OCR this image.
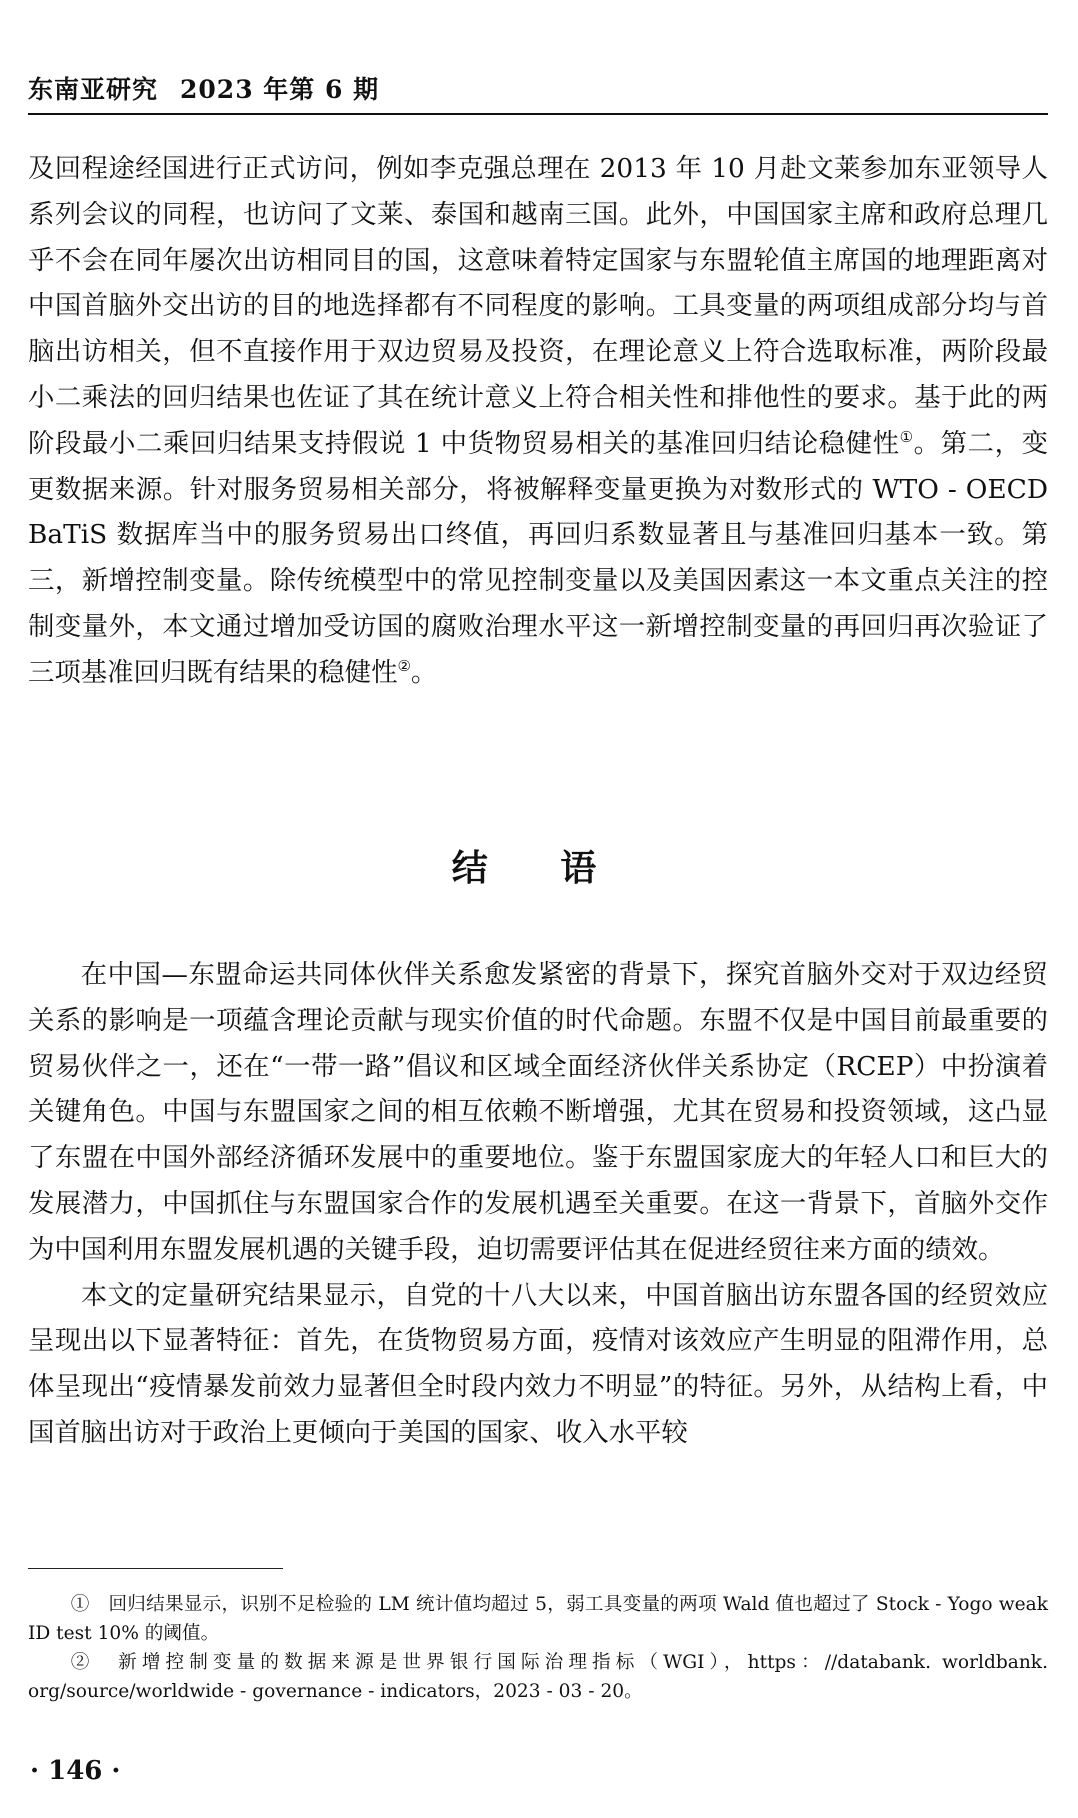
东南亚研究 2023 年第 6 期

及回程途经国进行正式访问，例如李克强总理在 2013 年 10 月赴文莱参加东亚领导人系列会议的同程，也访问了文莱、泰国和越南三国。此外，中国国家主席和政府总理几乎不会在同年屡次出访相同目的国，这意味着特定国家与东盟轮值主席国的地理距离对中国首脑外交出访的目的地选择都有不同程度的影响。工具变量的两项组成部分均与首脑出访相关，但不直接作用于双边贸易及投资，在理论意义上符合选取标准，两阶段最小二乘法的回归结果也佐证了其在统计意义上符合相关性和排他性的要求。基于此的两阶段最小二乘回归结果支持假说 1 中货物贸易相关的基准回归结论稳健性①。第二，变更数据来源。针对服务贸易相关部分，将被解释变量更换为对数形式的 WTO - OECD BaTiS 数据库当中的服务贸易出口终值，再回归系数显著且与基准回归基本一致。第三，新增控制变量。除传统模型中的常见控制变量以及美国因素这一本文重点关注的控制变量外，本文通过增加受访国的腐败治理水平这一新增控制变量的再回归再次验证了三项基准回归既有结果的稳健性②。

结 语

在中国—东盟命运共同体伙伴关系愈发紧密的背景下，探究首脑外交对于双边经贸关系的影响是一项蕴含理论贡献与现实价值的时代命题。东盟不仅是中国目前最重要的贸易伙伴之一，还在“一带一路”倡议和区域全面经济伙伴关系协定（RCEP）中扮演着关键角色。中国与东盟国家之间的相互依赖不断增强，尤其在贸易和投资领域，这凸显了东盟在中国外部经济循环发展中的重要地位。鉴于东盟国家庞大的年轻人口和巨大的发展潜力，中国抓住与东盟国家合作的发展机遇至关重要。在这一背景下，首脑外交作为中国利用东盟发展机遇的关键手段，迫切需要评估其在促进经贸往来方面的绩效。

本文的定量研究结果显示，自党的十八大以来，中国首脑出访东盟各国的经贸效应呈现出以下显著特征：首先，在货物贸易方面，疫情对该效应产生明显的阻滞作用，总体呈现出“疫情暴发前效力显著但全时段内效力不明显”的特征。另外，从结构上看，中国首脑出访对于政治上更倾向于美国的国家、收入水平较

①　回归结果显示，识别不足检验的 LM 统计值均超过 5，弱工具变量的两项 Wald 值也超过了 Stock - Yogo weak ID test 10% 的阈值。

②　新增控制变量的数据来源是世界银行国际治理指标（WGI），https：//databank. worldbank. org/source/worldwide - governance - indicators，2023 - 03 - 20。

· 146 ·
